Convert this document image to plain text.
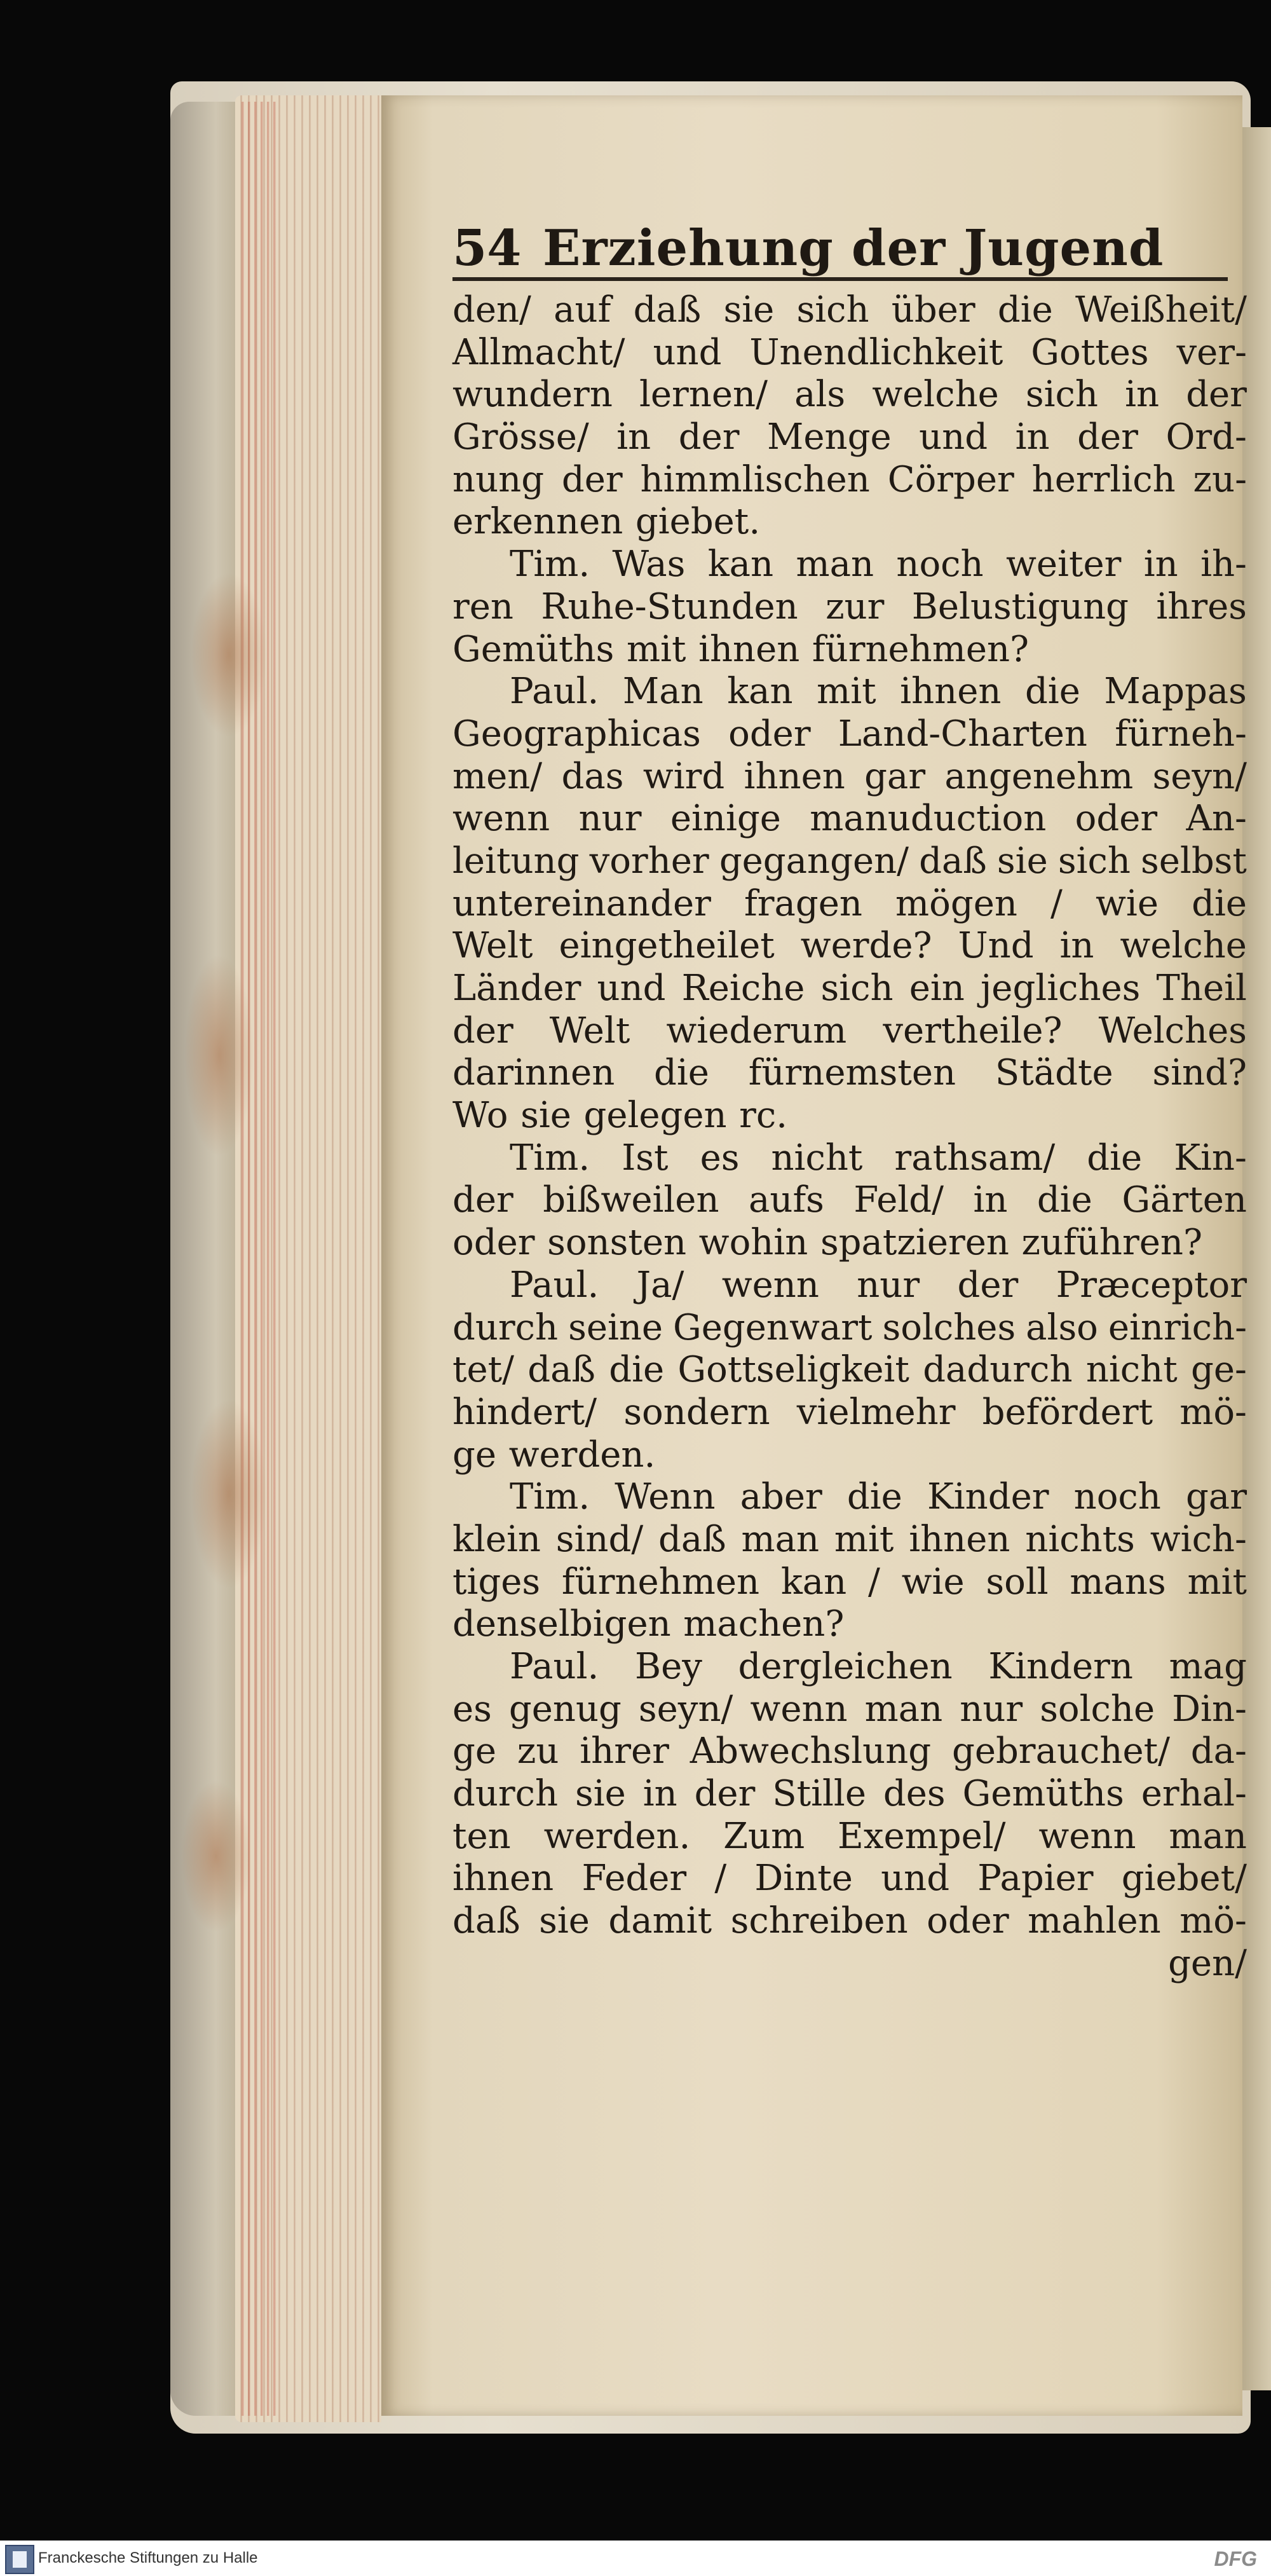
54 Erziehung der Jugend
den/ auf daß sie sich über die Weißheit/
Allmacht/ und Unendlichkeit Gottes ver-
wundern lernen/ als welche sich in der
Grösse/ in der Menge und in der Ord-
nung der himmlischen Cörper herrlich zu-
erkennen giebet.
Tim. Was kan man noch weiter in ih-
ren Ruhe-Stunden zur Belustigung ihres
Gemüths mit ihnen fürnehmen?
Paul. Man kan mit ihnen die Mappas
Geographicas oder Land-Charten fürneh-
men/ das wird ihnen gar angenehm seyn/
wenn nur einige manuduction oder An-
leitung vorher gegangen/ daß sie sich selbst
untereinander fragen mögen / wie die
Welt eingetheilet werde? Und in welche
Länder und Reiche sich ein jegliches Theil
der Welt wiederum vertheile? Welches
darinnen die fürnemsten Städte sind?
Wo sie gelegen rc.
Tim. Ist es nicht rathsam/ die Kin-
der bißweilen aufs Feld/ in die Gärten
oder sonsten wohin spatzieren zuführen?
Paul. Ja/ wenn nur der Præceptor
durch seine Gegenwart solches also einrich-
tet/ daß die Gottseligkeit dadurch nicht ge-
hindert/ sondern vielmehr befördert mö-
ge werden.
Tim. Wenn aber die Kinder noch gar
klein sind/ daß man mit ihnen nichts wich-
tiges fürnehmen kan / wie soll mans mit
denselbigen machen?
Paul. Bey dergleichen Kindern mag
es genug seyn/ wenn man nur solche Din-
ge zu ihrer Abwechslung gebrauchet/ da-
durch sie in der Stille des Gemüths erhal-
ten werden. Zum Exempel/ wenn man
ihnen Feder / Dinte und Papier giebet/
daß sie damit schreiben oder mahlen mö-
gen/
Franckesche Stiftungen zu Halle	DFG
